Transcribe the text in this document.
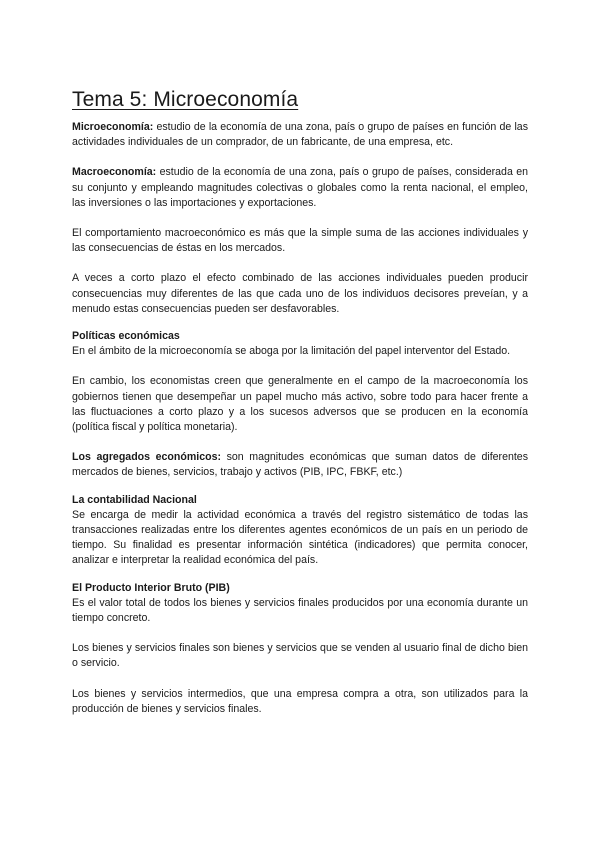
Tema 5: Microeconomía

Microeconomía: estudio de la economía de una zona, país o grupo de países en función de las actividades individuales de un comprador, de un fabricante, de una empresa, etc.

Macroeconomía: estudio de la economía de una zona, país o grupo de países, considerada en su conjunto y empleando magnitudes colectivas o globales como la renta nacional, el empleo, las inversiones o las importaciones y exportaciones.

El comportamiento macroeconómico es más que la simple suma de las acciones individuales y las consecuencias de éstas en los mercados.

A veces a corto plazo el efecto combinado de las acciones individuales pueden producir consecuencias muy diferentes de las que cada uno de los individuos decisores preveían, y a menudo estas consecuencias pueden ser desfavorables.

Políticas económicas

En el ámbito de la microeconomía se aboga por la limitación del papel interventor del Estado.

En cambio, los economistas creen que generalmente en el campo de la macroeconomía los gobiernos tienen que desempeñar un papel mucho más activo, sobre todo para hacer frente a las fluctuaciones a corto plazo y a los sucesos adversos que se producen en la economía (política fiscal y política monetaria).

Los agregados económicos: son magnitudes económicas que suman datos de diferentes mercados de bienes, servicios, trabajo y activos (PIB, IPC, FBKF, etc.)

La contabilidad Nacional

Se encarga de medir la actividad económica a través del registro sistemático de todas las transacciones realizadas entre los diferentes agentes económicos de un país en un periodo de tiempo. Su finalidad es presentar información sintética (indicadores) que permita conocer, analizar e interpretar la realidad económica del país.

El Producto Interior Bruto (PIB)

Es el valor total de todos los bienes y servicios finales producidos por una economía durante un tiempo concreto.

Los bienes y servicios finales son bienes y servicios que se venden al usuario final de dicho bien o servicio.

Los bienes y servicios intermedios, que una empresa compra a otra, son utilizados para la producción de bienes y servicios finales.
